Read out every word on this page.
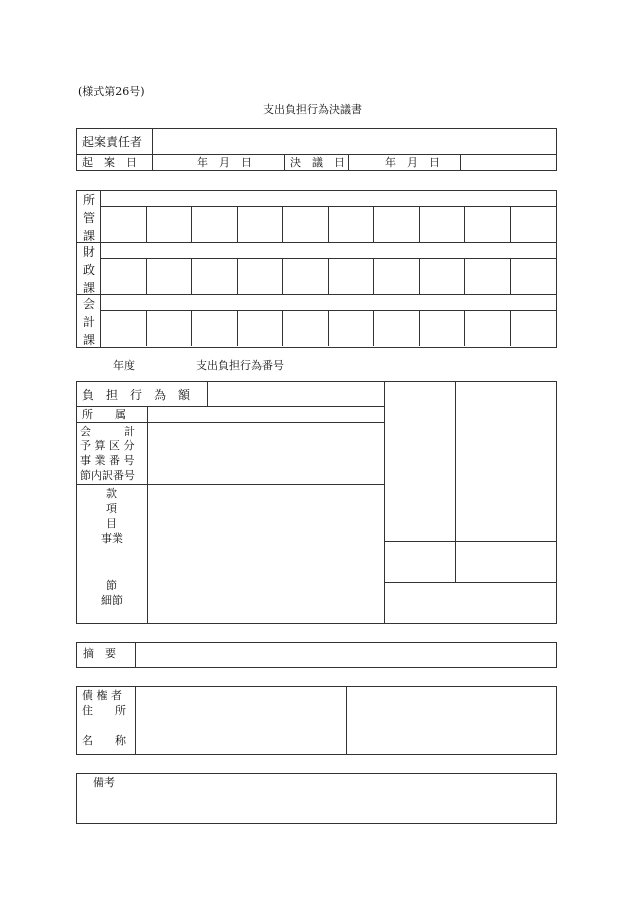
(様式第26号)
支出負担行為決議書
起案責任者
起　案　日	年　月　日	決　議　日	年　月　日
所
管
課
財
政
課
会
計
課
年度	支出負担行為番号
負　担　行　為　額
所　　属
会　　　計
予 算 区 分
事 業 番 号
節内訳番号
款
項
目
事業
節
細節
摘　要
債 権 者
住　　所
名　　称
備考
